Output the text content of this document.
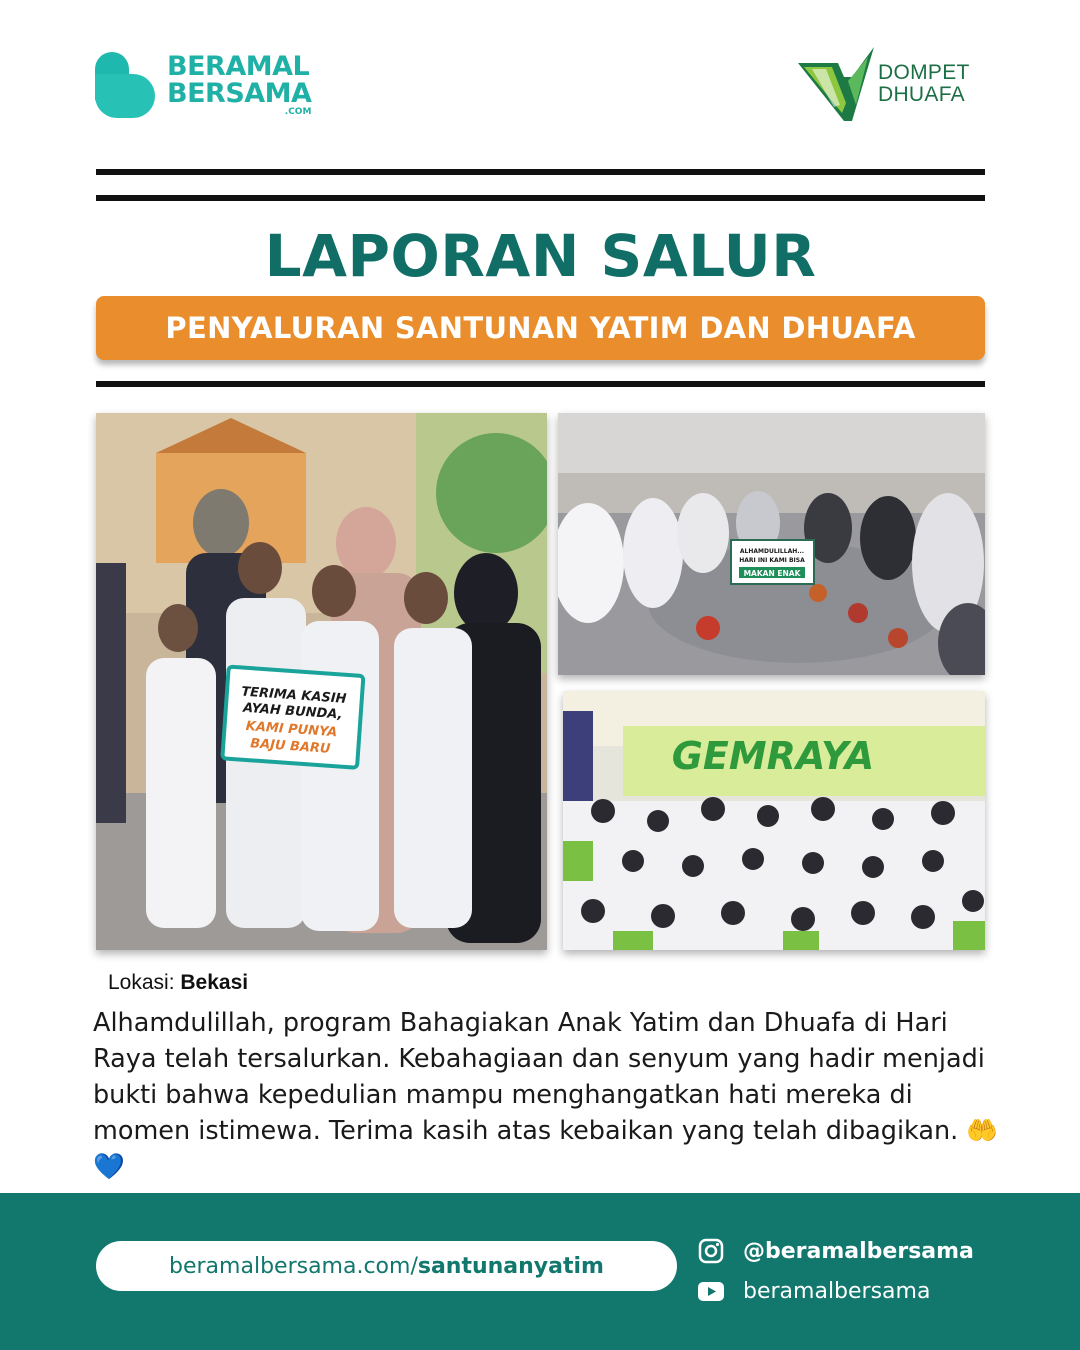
BERAMAL
BERSAMA
.COM
DOMPET
DHUAFA
LAPORAN SALUR
PENYALURAN SANTUNAN YATIM DAN DHUAFA
TERIMA KASIH
AYAH BUNDA,
KAMI PUNYA
BAJU BARU
ALHAMDULILLAH...
HARI INI KAMI BISA
MAKAN ENAK
GEMRAYA
Lokasi: Bekasi
Alhamdulillah, program Bahagiakan Anak Yatim dan Dhuafa di Hari Raya telah tersalurkan. Kebahagiaan dan senyum yang hadir menjadi bukti bahwa kepedulian mampu menghangatkan hati mereka di momen istimewa. Terima kasih atas kebaikan yang telah dibagikan. 🤲💙
beramalbersama.com/ santunanyatim
@beramalbersama
beramalbersama
